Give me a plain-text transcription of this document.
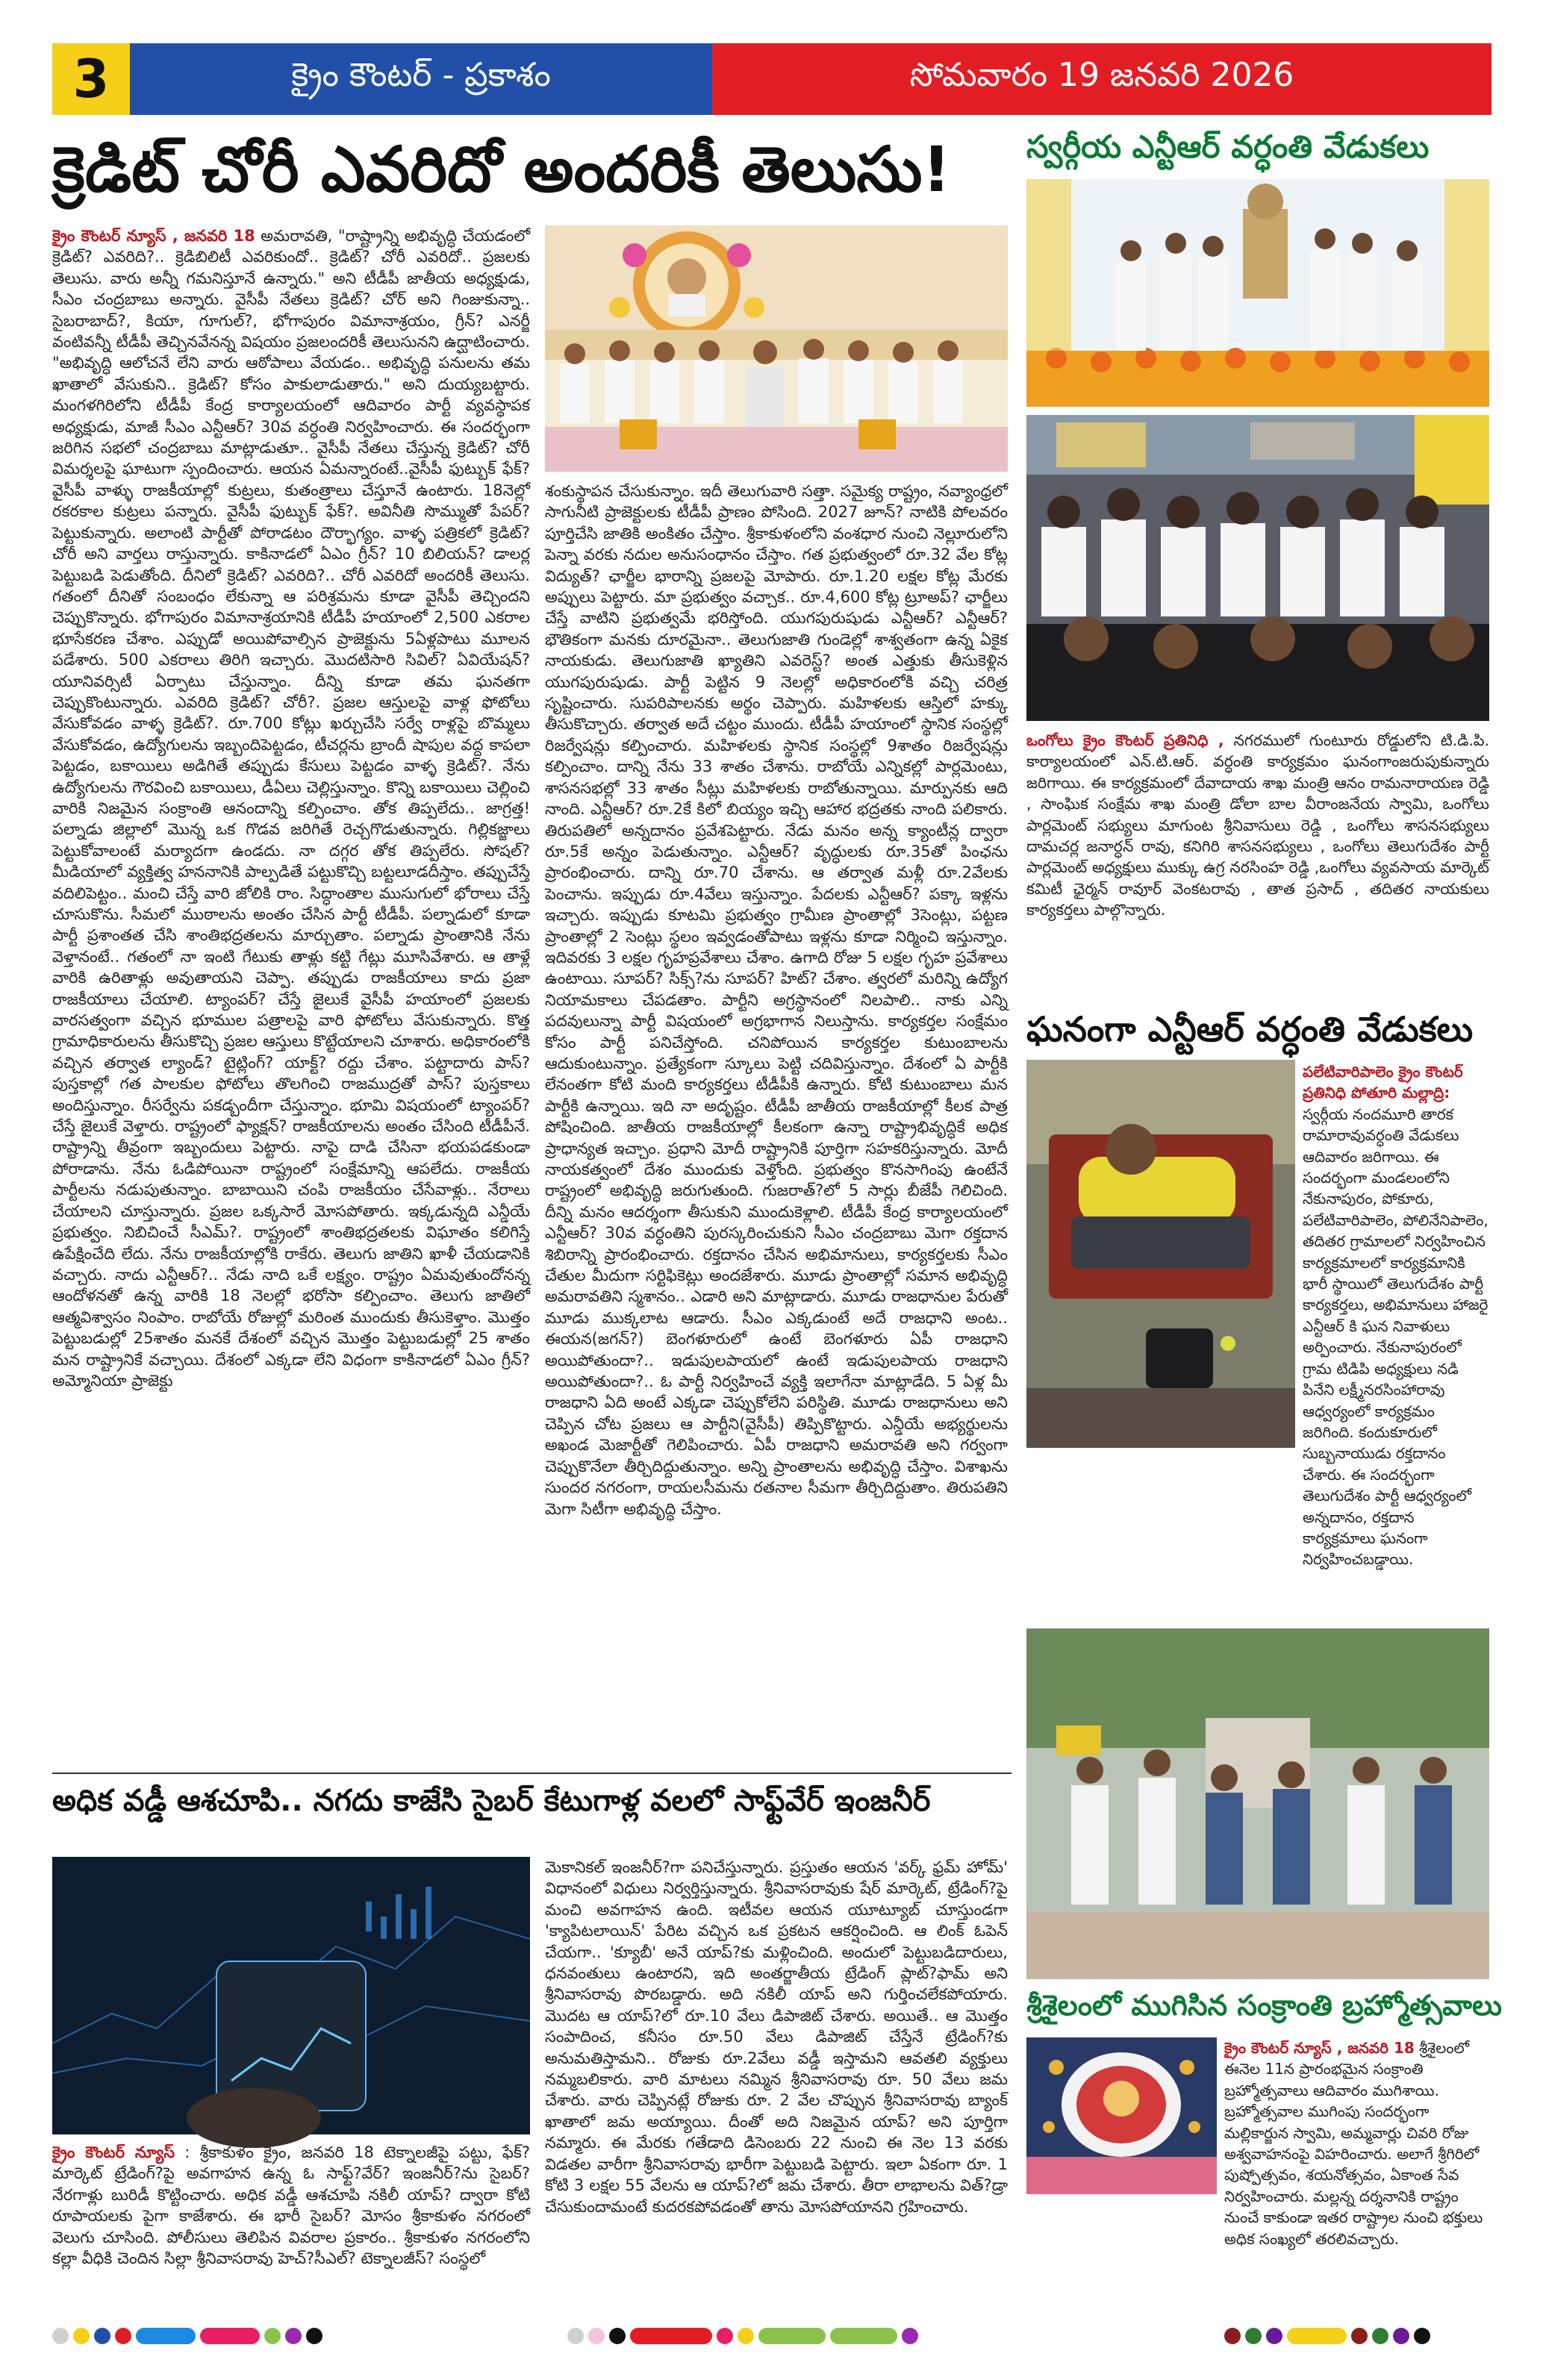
3	క్రైం కౌంటర్ - ప్రకాశం	సోమవారం 19 జనవరి 2026
క్రెడిట్ చోరీ ఎవరిదో అందరికీ తెలుసు!
క్రైం కౌంటర్ న్యూస్ , జనవరి 18 అమరావతి, "రాష్ట్రాన్ని అభివృద్ధి చేయడంలో క్రెడిట్? ఎవరిది?.. క్రెడిబిలిటీ ఎవరికుందో.. క్రెడిట్? చోరీ ఎవరిదో.. ప్రజలకు తెలుసు. వారు అన్నీ గమనిస్తూనే ఉన్నారు." అని టీడీపీ జాతీయ అధ్యక్షుడు, సీఎం చంద్రబాబు అన్నారు. వైసీపీ నేతలు క్రెడిట్? చోర్ అని గింజుకున్నా.. సైబరాబాద్?, కియా, గూగుల్?, భోగాపురం విమానాశ్రయం, గ్రీన్? ఎనర్జీ వంటివన్నీ టీడీపీ తెచ్చినవేనన్న విషయం ప్రజలందరికీ తెలుసునని ఉద్ఘాటించారు. "అభివృద్ధి ఆలోచనే లేని వారు ఆఠోపాలు వేయడం.. అభివృద్ధి పనులను తమ ఖాతాలో వేసుకుని.. క్రెడిట్? కోసం పాకులాడుతారు." అని దుయ్యబట్టారు. మంగళగిరిలోని టీడీపీ కేంద్ర కార్యాలయంలో ఆదివారం పార్టీ వ్యవస్థాపక అధ్యక్షుడు, మాజీ సీఎం ఎన్టీఆర్? 30వ వర్ధంతి నిర్వహించారు. ఈ సందర్భంగా జరిగిన సభలో చంద్రబాబు మాట్లాడుతూ.. వైసీపీ నేతలు చేస్తున్న క్రెడిట్? చోరీ విమర్శలపై ఘాటుగా స్పందించారు. ఆయన ఏమన్నారంటే..వైసీపీ ఫుట్బుక్ ఫేక్? వైసీపీ వాళ్ళు రాజకీయాల్లో కుట్రలు, కుతంత్రాలు చేస్తూనే ఉంటారు. 18నెల్లో రకరకాల కుట్రలు పన్నారు. వైసీపీ ఫుట్బుక్ ఫేక్?. అవినీతి సొమ్ముతో పేపర్? పెట్టుకున్నారు. అలాంటి పార్టీతో పోరాడటం దౌర్భాగ్యం. వాళ్ళ పత్రికలో క్రెడిట్? చోరీ అని వార్తలు రాస్తున్నారు. కాకినాడలో ఏఎం గ్రీన్? 10 బిలియన్? డాలర్ల పెట్టుబడి పెడుతోంది. దీనిలో క్రెడిట్? ఎవరిది?.. చోరీ ఎవరిదో అందరికీ తెలుసు. గతంలో దీనితో సంబంధం లేకున్నా ఆ పరిశ్రమను కూడా వైసీపీ తెచ్చిందని చెప్పుకొన్నారు. భోగాపురం విమానాశ్రయానికి టీడీపీ హయాంలో 2,500 ఎకరాల భూసేకరణ చేశాం. ఎప్పుడో అయిపోవాల్సిన ప్రాజెక్టును 5ఏళ్లపాటు మూలన పడేశారు. 500 ఎకరాలు తిరిగి ఇచ్చారు. మొదటిసారి సివిల్? ఏవియేషన్? యూనివర్సిటీ ఏర్పాటు చేస్తున్నాం. దీన్ని కూడా తమ ఘనతగా చెప్పుకొంటున్నారు. ఎవరిది క్రెడిట్? చోరీ?. ప్రజల ఆస్తులపై వాళ్ల ఫోటోలు వేసుకోవడం వాళ్ళ క్రెడిట్?. రూ.700 కోట్లు ఖర్చుచేసి సర్వే రాళ్లపై బొమ్మలు వేసుకోవడం, ఉద్యోగులను ఇబ్బందిపెట్టడం, టీచర్లను బ్రాందీ షాపుల వద్ద కాపలా పెట్టడం, బకాయిలు అడిగితే తప్పుడు కేసులు పెట్టడం వాళ్ళ క్రెడిట్?. నేను ఉద్యోగులను గౌరవించి బకాయిలు, డీఏలు చెల్లిస్తున్నాం. కొన్ని బకాయిలు చెల్లించి వారికి నిజమైన సంక్రాంతి ఆనందాన్ని కల్పించాం. తోక తిప్పలేదు.. జాగ్రత్త! పల్నాడు జిల్లాలో మొన్న ఒక గొడవ జరిగితే రెచ్చగొడుతున్నారు. గిల్లికజ్జాలు పెట్టుకోవాలంటే మర్యాదగా ఉండదు. నా దగ్గర తోక తిప్పలేరు. సోషల్? మీడియాలో వ్యక్తిత్వ హననానికి పాల్పడితే పట్టుకొచ్చి బట్టలూడదీస్తాం. తప్పుచేస్తే వదిలిపెట్టం.. మంచి చేస్తే వారి జోలికి రాం. సిద్ధాంతాల ముసుగులో భోరాలు చేస్తే చూసుకొను. సీమలో ముఠాలను అంతం చేసిన పార్టీ టీడీపీ. పల్నాడులో కూడా పార్టీ ప్రశాంతత చేసి శాంతిభద్రతలను మార్చుతాం. పల్నాడు ప్రాంతానికి నేను వెళ్తానంటే.. గతంలో నా ఇంటి గేటుకు తాళ్లు కట్టి గేట్లు మూసివేశారు. ఆ తాళ్లే వారికి ఉరితాళ్లు అవుతాయని చెప్పా. తప్పుడు రాజకీయాలు కాదు ప్రజా రాజకీయాలు చేయాలి. ట్యాంపర్? చేస్తే జైలుకే వైసీపీ హయాంలో ప్రజలకు వారసత్వంగా వచ్చిన భూముల పత్రాలపై వారి ఫోటోలు వేసుకున్నారు. కొత్త గ్రామాధికారులను తీసుకొచ్చి ప్రజల ఆస్తులు కొట్టేయాలని చూశారు. అధికారంలోకి వచ్చిన తర్వాత ల్యాండ్? టైట్లింగ్? యాక్ట్? రద్దు చేశాం. పట్టాదారు పాస్?పుస్తకాల్లో గత పాలకుల ఫోటోలు తొలగించి రాజముద్రతో పాస్? పుస్తకాలు అందిస్తున్నాం. రీసర్వేను పకడ్బందీగా చేస్తున్నాం. భూమి విషయంలో ట్యాంపర్? చేస్తే జైలుకే వెళ్తారు. రాష్ట్రంలో ఫ్యాక్షన్? రాజకీయాలను అంతం చేసింది టీడీపీనే. రాష్ట్రాన్ని తీవ్రంగా ఇబ్బందులు పెట్టారు. నాపై దాడి చేసినా భయపడకుండా పోరాడాను. నేను ఓడిపోయినా రాష్ట్రంలో సంక్షేమాన్ని ఆపలేదు. రాజకీయ పార్టీలను నడుపుతున్నాం. బాబాయిని చంపి రాజకీయం చేసేవాళ్లు.. నేరాలు చేయాలని చూస్తున్నారు. ప్రజల ఒక్కసారే మోసపోతారు. ఇక్కడున్నది ఎన్డీయే ప్రభుత్వం. నిబిచించే సీఎమ్?. రాష్ట్రంలో శాంతిభద్రతలకు విఘాతం కలిగిస్తే ఉపేక్షించేది లేదు. నేను రాజకీయాల్లోకి రాకేరు. తెలుగు జాతిని ఖాళీ చేయడానికి వచ్చారు. నాదు ఎన్టీఆర్?.. నేడు నాది ఒకే లక్ష్యం. రాష్ట్రం ఏమవుతుందోనన్న ఆందోళనతో ఉన్న వారికి 18 నెలల్లో భరోసా కల్పించాం. తెలుగు జాతిలో ఆత్మవిశ్వాసం నింపాం. రాబోయే రోజుల్లో మరింత ముందుకు తీసుకెళ్తాం. మొత్తం పెట్టుబడుల్లో 25శాతం మనకే దేశంలో వచ్చిన మొత్తం పెట్టుబడుల్లో 25 శాతం మన రాష్ట్రానికే వచ్చాయి. దేశంలో ఎక్కడా లేని విధంగా కాకినాడలో ఏఎం గ్రీన్? అమ్మోనియా ప్రాజెక్టు
శంకుస్థాపన చేసుకున్నాం. ఇదీ తెలుగువారి సత్తా. సమైక్య రాష్ట్రం, నవ్యాంధ్రలో సాగునీటి ప్రాజెక్టులకు టీడీపీ ప్రాణం పోసింది. 2027 జూన్? నాటికి పోలవరం పూర్తిచేసి జాతికి అంకితం చేస్తాం. శ్రీకాకుళంలోని వంశధార నుంచి నెల్లూరులోని పెన్నా వరకు నదుల అనుసంధానం చేస్తాం. గత ప్రభుత్వంలో రూ.32 వేల కోట్ల విద్యుత్? ఛార్జీల భారాన్ని ప్రజలపై మోపారు. రూ.1.20 లక్షల కోట్ల మేరకు అప్పులు పెట్టారు. మా ప్రభుత్వం వచ్చాక.. రూ.4,600 కోట్ల ట్రూఅప్? ఛార్జీలు చేస్తే వాటిని ప్రభుత్వమే భరిస్తోంది. యుగపురుషుడు ఎన్టీఆర్? ఎన్టీఆర్? భౌతికంగా మనకు దూరమైనా.. తెలుగుజాతి గుండెల్లో శాశ్వతంగా ఉన్న ఏకైక నాయకుడు. తెలుగుజాతి ఖ్యాతిని ఎవరెస్ట్? అంత ఎత్తుకు తీసుకెళ్లిన యుగపురుషుడు. పార్టీ పెట్టిన 9 నెలల్లో అధికారంలోకి వచ్చి చరిత్ర సృష్టించారు. సుపరిపాలనకు అర్థం చెప్పారు. మహిళలకు ఆస్తిలో హక్కు తీసుకొచ్చారు. తర్వాత అదే చట్టం ముందు. టీడీపీ హయాంలో స్థానిక సంస్థల్లో రిజర్వేషన్లు కల్పించారు. మహిళలకు స్థానిక సంస్థల్లో 9శాతం రిజర్వేషన్లు కల్పించాం. దాన్ని నేను 33 శాతం చేశాను. రాబోయే ఎన్నికల్లో పార్లమెంటు, శాసనసభల్లో 33 శాతం సీట్లు మహిళలకు రాబోతున్నాయి. మార్పునకు ఆది నాంది. ఎన్టీఆర్? రూ.2కే కిలో బియ్యం ఇచ్చి ఆహార భద్రతకు నాంది పలికారు. తిరుపతిలో అన్నదానం ప్రవేశపెట్టారు. నేడు మనం అన్న క్యాంటీన్ల ద్వారా రూ.5కే అన్నం పెడుతున్నాం. ఎన్టీఆర్? వృద్ధులకు రూ.35తో పింఛను ప్రారంభించారు. దాన్ని రూ.70 చేశాను. ఆ తర్వాత మళ్లీ రూ.2వేలకు పెంచాను. ఇప్పుడు రూ.4వేలు ఇస్తున్నాం. పేదలకు ఎన్టీఆర్? పక్కా ఇళ్లను ఇచ్చారు. ఇప్పుడు కూటమి ప్రభుత్వం గ్రామీణ ప్రాంతాల్లో 3సెంట్లు, పట్టణ ప్రాంతాల్లో 2 సెంట్లు స్థలం ఇవ్వడంతోపాటు ఇళ్లను కూడా నిర్మించి ఇస్తున్నాం. ఇదివరకు 3 లక్షల గృహప్రవేశాలు చేశాం. ఉగాది రోజు 5 లక్షల గృహ ప్రవేశాలు ఉంటాయి. సూపర్? సిక్స్?ను సూపర్? హిట్? చేశాం. త్వరలో మరిన్ని ఉద్యోగ నియామకాలు చేపడతాం. పార్టీని అగ్రస్థానంలో నిలపాలి.. నాకు ఎన్ని పదవులున్నా పార్టీ విషయంలో అగ్రభాగాన నిలుస్తాను. కార్యకర్తల సంక్షేమం కోసం పార్టీ పనిచేస్తోంది. చనిపోయిన కార్యకర్తల కుటుంబాలను ఆదుకుంటున్నాం. ప్రత్యేకంగా స్కూలు పెట్టి చదివిస్తున్నాం. దేశంలో ఏ పార్టీకి లేనంతగా కోటి మంది కార్యకర్తలు టీడీపీకి ఉన్నారు. కోటి కుటుంబాలు మన పార్టీకి ఉన్నాయి. ఇది నా అదృష్టం. టీడీపీ జాతీయ రాజకీయాల్లో కీలక పాత్ర పోషించింది. జాతీయ రాజకీయాల్లో కీలకంగా ఉన్నా రాష్ట్రాభివృద్ధికే అధిక ప్రాధాన్యత ఇచ్చాం. ప్రధాని మోదీ రాష్ట్రానికి పూర్తిగా సహకరిస్తున్నారు. మోదీ నాయకత్వంలో దేశం ముందుకు వెళ్తోంది. ప్రభుత్వం కొనసాగింపు ఉంటేనే రాష్ట్రంలో అభివృద్ధి జరుగుతుంది. గుజరాత్?లో 5 సార్లు బీజేపీ గెలిచింది. దీన్ని మనం ఆదర్శంగా తీసుకుని ముందుకెళ్లాలి. టీడీపీ కేంద్ర కార్యాలయంలో ఎన్టీఆర్? 30వ వర్ధంతిని పురస్కరించుకుని సీఎం చంద్రబాబు మెగా రక్తదాన శిబిరాన్ని ప్రారంభించారు. రక్తదానం చేసిన అభిమానులు, కార్యకర్తలకు సీఎం చేతుల మీదుగా సర్టిఫికెట్లు అందజేశారు. మూడు ప్రాంతాల్లో సమాన అభివృద్ధి అమరావతిని స్మశానం.. ఎడారి అని మాట్లాడారు. మూడు రాజధానుల పేరుతో మూడు ముక్కలాట ఆడారు. సీఎం ఎక్కడుంటే అదే రాజధాని అంట.. ఈయన(జగన్?) బెంగళూరులో ఉంటే బెంగళూరు ఏపీ రాజధాని అయిపోతుందా?.. ఇడుపులపాయలో ఉంటే ఇడుపులపాయ రాజధాని అయిపోతుందా?.. ఓ పార్టీ నిర్వహించే వ్యక్తి ఇలాగేనా మాట్లాడేది. 5 ఏళ్ల మీ రాజధాని ఏది అంటే ఎక్కడా చెప్పుకోలేని పరిస్థితి. మూడు రాజధానులు అని చెప్పిన చోట ప్రజలు ఆ పార్టీని(వైసీపీ) తిప్పికొట్టారు. ఎన్డీయే అభ్యర్థులను అఖండ మెజార్టీతో గెలిపించారు. ఏపీ రాజధాని అమరావతి అని గర్వంగా చెప్పుకొనేలా తీర్చిదిద్దుతున్నాం. అన్ని ప్రాంతాలను అభివృద్ధి చేస్తాం. విశాఖను సుందర నగరంగా, రాయలసీమను రతనాల సీమగా తీర్చిదిద్దుతాం. తిరుపతిని మెగా సిటీగా అభివృద్ధి చేస్తాం.
స్వర్గీయ ఎన్టీఆర్ వర్ధంతి వేడుకలు
ఒంగోలు క్రైం కౌంటర్ ప్రతినిధి , నగరములో గుంటూరు రోడ్డులోని టి.డి.పి. కార్యాలయంలో ఎన్.టి.ఆర్. వర్ధంతి కార్యక్రమం ఘనంగాంజరుపుకున్నారు జరిగాయి. ఈ కార్యక్రమంలో దేవాదాయ శాఖ మంత్రి ఆనం రామనారాయణ రెడ్డి , సాంఘిక సంక్షేమ శాఖ మంత్రి డోలా బాల వీరాంజనేయ స్వామి, ఒంగోలు పార్లమెంట్ సభ్యులు మాగుంట శ్రీనివాసులు రెడ్డి , ఒంగోలు శాసనసభ్యులు దామచర్ల జనార్ధన్ రావు, కనిగిరి శాసనసభ్యులు , ఒంగోలు తెలుగుదేశం పార్టీ పార్లమెంట్ అధ్యక్షులు ముక్కు ఉగ్ర నరసింహ రెడ్డి ,ఒంగోలు వ్యవసాయ మార్కెట్ కమిటీ ఛైర్మన్ రావూర్ వెంకటరావు , తాత ప్రసాద్ , తదితర నాయకులు కార్యకర్తలు పాల్గొన్నారు.
ఘనంగా ఎన్టీఆర్ వర్ధంతి వేడుకలు
పలేటివారిపాలెం క్రైం కౌంటర్ ప్రతినిధి పోతూరి మల్లాద్రి: స్వర్గీయ నందమూరి తారక రామారావువర్ధంతి వేడుకలు ఆదివారం జరిగాయి. ఈ సందర్భంగా మండలంలోని నేకునాపురం, పోకూరు, పలేటివారిపాలెం, పోలినేనిపాలెం, తదితర గ్రామాలలో నిర్వహించిన కార్యక్రమాలలో కార్యక్రమానికి భారీ స్థాయిలో తెలుగుదేశం పార్టీ కార్యకర్తలు, అభిమానులు హాజరై ఎన్టీఆర్ కి ఘన నివాళులు అర్పించారు. నేకునాపురంలో గ్రామ టిడిపి అధ్యక్షులు నడి పినేని లక్ష్మీనరసింహారావు ఆధ్వర్యంలో కార్యక్రమం జరిగింది. కందుకూరులో సుబ్బనాయుడు రక్తదానం చేశారు. ఈ సందర్భంగా తెలుగుదేశం పార్టీ ఆధ్వర్యంలో అన్నదానం, రక్తదాన కార్యక్రమాలు ఘనంగా నిర్వహించబడ్డాయి.
శ్రీశైలంలో ముగిసిన సంక్రాంతి బ్రహ్మోత్సవాలు
క్రైం కౌంటర్ న్యూస్ , జనవరి 18 శ్రీశైలంలో ఈనెల 11న ప్రారంభమైన సంక్రాంతి బ్రహ్మోత్సవాలు ఆదివారం ముగిశాయి. బ్రహ్మోత్సవాల ముగింపు సందర్భంగా మల్లికార్జున స్వామి, అమ్మవార్లు చివరి రోజు అశ్వవాహనంపై విహరించారు. అలాగే శ్రీగిరిలో పుష్పోత్సవం, శయనోత్సవం, ఏకాంత సేవ నిర్వహించారు. మల్లన్న దర్శనానికి రాష్ట్రం నుంచే కాకుండా ఇతర రాష్ట్రాల నుంచి భక్తులు అధిక సంఖ్యలో తరలివచ్చారు.
అధిక వడ్డీ ఆశచూపి.. నగదు కాజేసి సైబర్ కేటుగాళ్ల వలలో సాఫ్ట్‌వేర్ ఇంజనీర్
క్రైం కౌంటర్ న్యూస్ : శ్రీకాకుళం క్రైం, జనవరి 18 టెక్నాలజీపై పట్టు, ఫేక్? మార్కెట్ ట్రేడింగ్?పై అవగాహన ఉన్న ఓ సాఫ్ట్?వేర్? ఇంజనీర్?ను సైబర్? నేరగాళ్లు బురిడీ కొట్టించారు. అధిక వడ్డీ ఆశచూపి నకిలీ యాప్? ద్వారా కోటి రూపాయలకు పైగా కాజేశారు. ఈ భారీ సైబర్? మోసం శ్రీకాకుళం నగరంలో వెలుగు చూసింది. పోలీసులు తెలిపిన వివరాల ప్రకారం.. శ్రీకాకుళం నగరంలోని కల్లా వీధికి చెందిన సిల్లా శ్రీనివాసరావు హెచ్?సీఎల్? టెక్నాలజీస్? సంస్థలో
మెకానికల్ ఇంజనీర్?గా పనిచేస్తున్నారు. ప్రస్తుతం ఆయన 'వర్క్ ఫ్రమ్ హోమ్' విధానంలో విధులు నిర్వర్తిస్తున్నారు. శ్రీనివాసరావుకు షేర్ మార్కెట్, ట్రేడింగ్?పై మంచి అవగాహన ఉంది. ఇటీవల ఆయన యూట్యూబ్ చూస్తుండగా 'క్యాపిటలాయిన్' పేరిట వచ్చిన ఒక ప్రకటన ఆకర్షించింది. ఆ లింక్ ఓపెన్ చేయగా.. 'క్యూబీ' అనే యాప్?కు మళ్లించింది. అందులో పెట్టుబడిదారులు, ధనవంతులు ఉంటారని, ఇది అంతర్జాతీయ ట్రేడింగ్ ప్లాట్?ఫామ్ అని శ్రీనివాసరావు పొరబడ్డారు. అది నకిలీ యాప్ అని గుర్తించలేకపోయారు. మొదట ఆ యాప్?లో రూ.10 వేలు డిపాజిట్ చేశారు. అయితే.. ఆ మొత్తం సంపాదించ, కనీసం రూ.50 వేలు డిపాజిట్ చేస్తేనే ట్రేడింగ్?కు అనుమతిస్తామని.. రోజుకు రూ.2వేలు వడ్డీ ఇస్తామని ఆవతలి వ్యక్తులు నమ్మబలికారు. వారి మాటలు నమ్మిన శ్రీనివాసరావు రూ. 50 వేలు జమ చేశారు. వారు చెప్పినట్లే రోజుకు రూ. 2 వేల చొప్పున శ్రీనివాసరావు బ్యాంక్ ఖాతాలో జమ అయ్యాయి. దీంతో అది నిజమైన యాప్? అని పూర్తిగా నమ్మారు. ఈ మేరకు గతేడాది డిసెంబరు 22 నుంచి ఈ నెల 13 వరకు విడతల వారీగా శ్రీనివాసరావు భారీగా పెట్టుబడి పెట్టారు. ఇలా ఏకంగా రూ. 1 కోటి 3 లక్షల 55 వేలను ఆ యాప్?లో జమ చేశారు. తీరా లాభాలను విత్?డ్రా చేసుకుందామంటే కుదరకపోవడంతో తాను మోసపోయానని గ్రహించారు.
